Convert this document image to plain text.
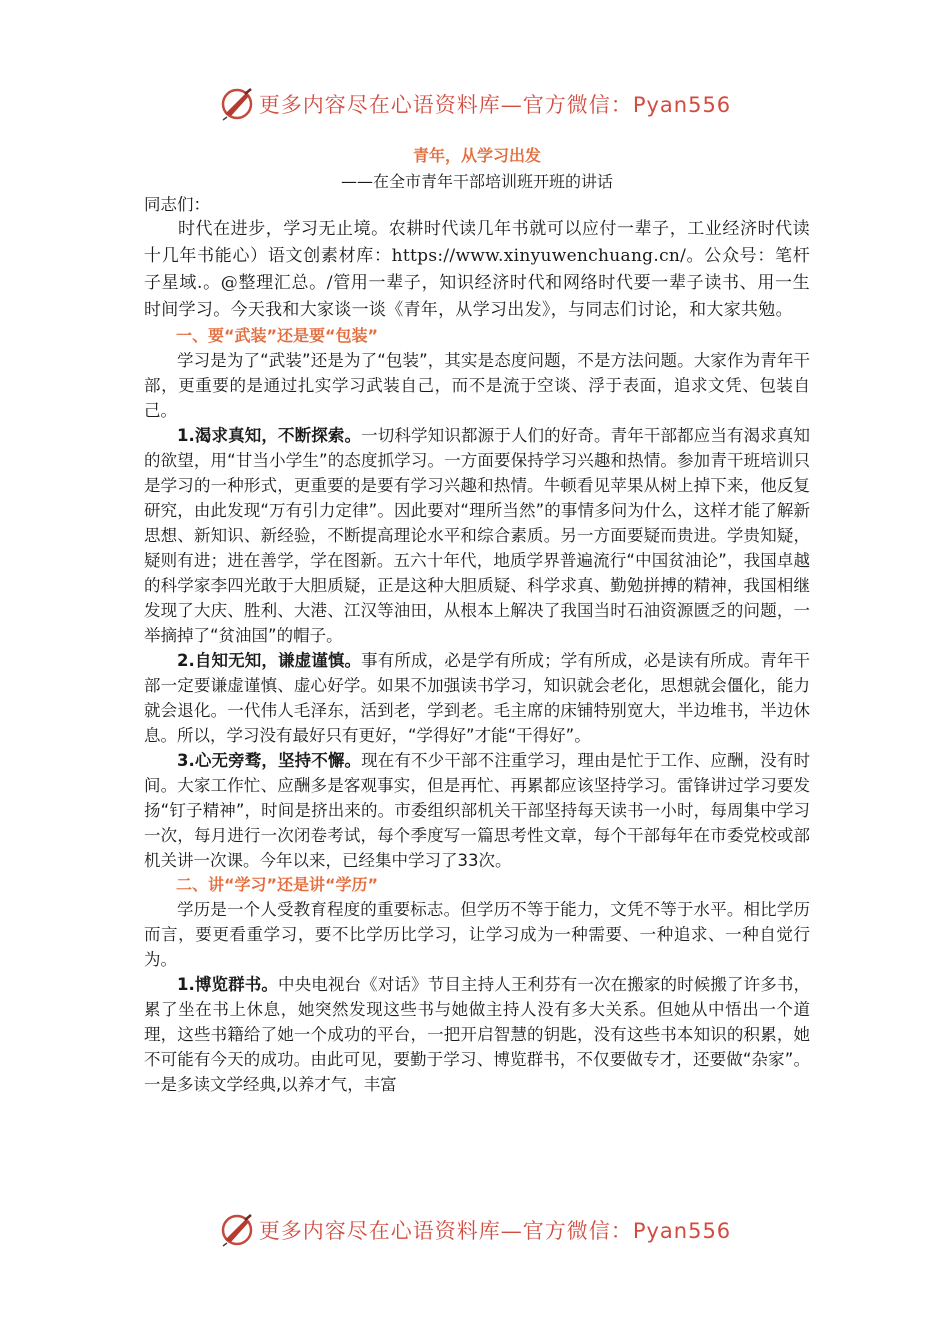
更多内容尽在心语资料库—官方微信：Pyan556

青年，从学习出发

——在全市青年干部培训班开班的讲话

同志们：

时代在进步，学习无止境。农耕时代读几年书就可以应付一辈子，工业经济时代读十几年书能心）语文创素材库：https://www.xinyuwenchuang.cn/。公众号：笔杆子星域.。@整理汇总。/管用一辈子，知识经济时代和网络时代要一辈子读书、用一生时间学习。今天我和大家谈一谈《青年，从学习出发》，与同志们讨论，和大家共勉。

一、要“武装”还是要“包装”

学习是为了“武装”还是为了“包装”，其实是态度问题，不是方法问题。大家作为青年干部，更重要的是通过扎实学习武装自己，而不是流于空谈、浮于表面，追求文凭、包装自己。

1.渴求真知，不断探索。一切科学知识都源于人们的好奇。青年干部都应当有渴求真知的欲望，用“甘当小学生”的态度抓学习。一方面要保持学习兴趣和热情。参加青干班培训只是学习的一种形式，更重要的是要有学习兴趣和热情。牛顿看见苹果从树上掉下来，他反复研究，由此发现“万有引力定律”。因此要对“理所当然”的事情多问为什么，这样才能了解新思想、新知识、新经验，不断提高理论水平和综合素质。另一方面要疑而贵进。学贵知疑，疑则有进；进在善学，学在图新。五六十年代，地质学界普遍流行“中国贫油论”，我国卓越的科学家李四光敢于大胆质疑，正是这种大胆质疑、科学求真、勤勉拼搏的精神，我国相继发现了大庆、胜利、大港、江汉等油田，从根本上解决了我国当时石油资源匮乏的问题，一举摘掉了“贫油国”的帽子。

2.自知无知，谦虚谨慎。事有所成，必是学有所成；学有所成，必是读有所成。青年干部一定要谦虚谨慎、虚心好学。如果不加强读书学习，知识就会老化，思想就会僵化，能力就会退化。一代伟人毛泽东，活到老，学到老。毛主席的床铺特别宽大，半边堆书，半边休息。所以，学习没有最好只有更好，“学得好”才能“干得好”。

3.心无旁骛，坚持不懈。现在有不少干部不注重学习，理由是忙于工作、应酬，没有时间。大家工作忙、应酬多是客观事实，但是再忙、再累都应该坚持学习。雷锋讲过学习要发扬“钉子精神”，时间是挤出来的。市委组织部机关干部坚持每天读书一小时，每周集中学习一次，每月进行一次闭卷考试，每个季度写一篇思考性文章，每个干部每年在市委党校或部机关讲一次课。今年以来，已经集中学习了33次。

二、讲“学习”还是讲“学历”

学历是一个人受教育程度的重要标志。但学历不等于能力，文凭不等于水平。相比学历而言，要更看重学习，要不比学历比学习，让学习成为一种需要、一种追求、一种自觉行为。

1.博览群书。中央电视台《对话》节目主持人王利芬有一次在搬家的时候搬了许多书，累了坐在书上休息，她突然发现这些书与她做主持人没有多大关系。但她从中悟出一个道理，这些书籍给了她一个成功的平台，一把开启智慧的钥匙，没有这些书本知识的积累，她不可能有今天的成功。由此可见，要勤于学习、博览群书，不仅要做专才，还要做“杂家”。一是多读文学经典,以养才气，丰富

更多内容尽在心语资料库—官方微信：Pyan556
